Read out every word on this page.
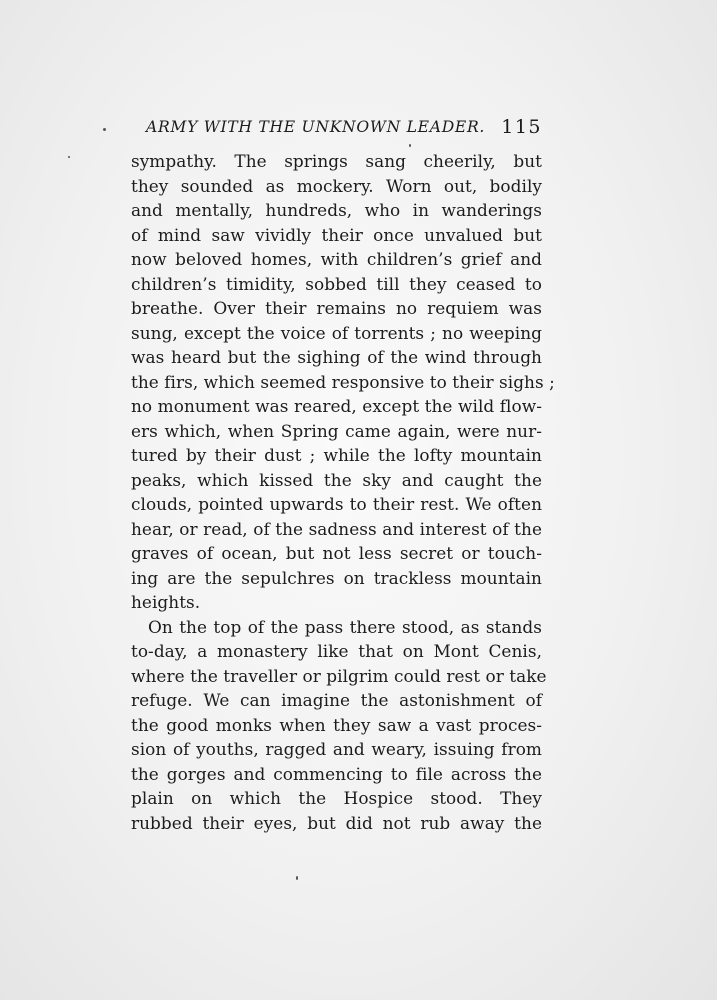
ARMY WITH THE UNKNOWN LEADER. 115
sympathy. The springs sang cheerily, but
they sounded as mockery. Worn out, bodily
and mentally, hundreds, who in wanderings
of mind saw vividly their once unvalued but
now beloved homes, with children’s grief and
children’s timidity, sobbed till they ceased to
breathe. Over their remains no requiem was
sung, except the voice of torrents ; no weeping
was heard but the sighing of the wind through
the firs, which seemed responsive to their sighs ;
no monument was reared, except the wild flow-
ers which, when Spring came again, were nur-
tured by their dust ; while the lofty mountain
peaks, which kissed the sky and caught the
clouds, pointed upwards to their rest. We often
hear, or read, of the sadness and interest of the
graves of ocean, but not less secret or touch-
ing are the sepulchres on trackless mountain
heights.
On the top of the pass there stood, as stands
to-day, a monastery like that on Mont Cenis,
where the traveller or pilgrim could rest or take
refuge. We can imagine the astonishment of
the good monks when they saw a vast proces-
sion of youths, ragged and weary, issuing from
the gorges and commencing to file across the
plain on which the Hospice stood. They
rubbed their eyes, but did not rub away the
